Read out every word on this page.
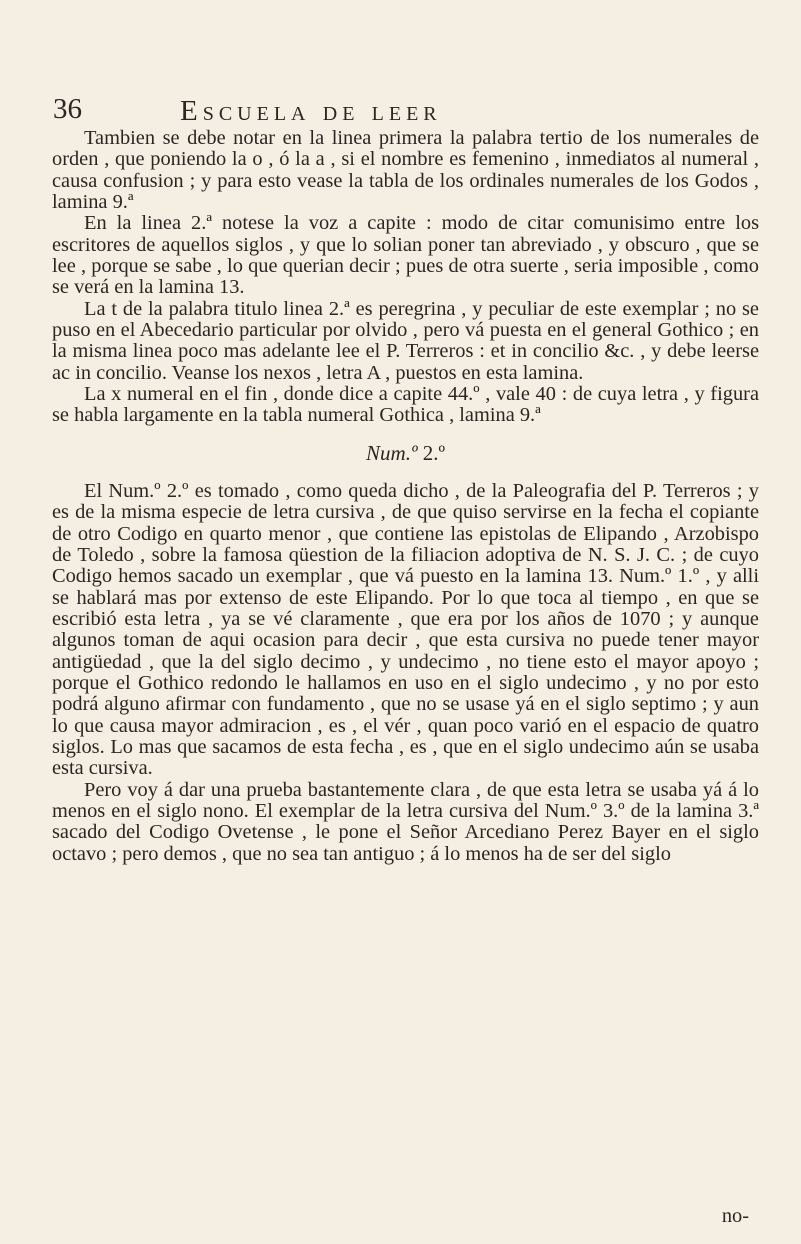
36	Escuela de leer

Tambien se debe notar en la linea primera la palabra tertio de los numerales de orden , que poniendo la o , ó la a , si el nombre es femenino , inmediatos al numeral , causa confusion ; y para esto vease la tabla de los ordinales numerales de los Godos , lamina 9.ª

En la linea 2.ª notese la voz a capite : modo de citar comunisimo entre los escritores de aquellos siglos , y que lo solian poner tan abreviado , y obscuro , que se lee , porque se sabe , lo que querian decir ; pues de otra suerte , seria imposible , como se verá en la lamina 13.

La t de la palabra titulo linea 2.ª es peregrina , y peculiar de este exemplar ; no se puso en el Abecedario particular por olvido , pero vá puesta en el general Gothico ; en la misma linea poco mas adelante lee el P. Terreros : et in concilio &c. , y debe leerse ac in concilio. Veanse los nexos , letra A , puestos en esta lamina.

La x numeral en el fin , donde dice a capite 44.º , vale 40 : de cuya letra , y figura se habla largamente en la tabla numeral Gothica , lamina 9.ª

Num.º 2.º

El Num.º 2.º es tomado , como queda dicho , de la Paleografia del P. Terreros ; y es de la misma especie de letra cursiva , de que quiso servirse en la fecha el copiante de otro Codigo en quarto menor , que contiene las epistolas de Elipando , Arzobispo de Toledo , sobre la famosa qüestion de la filiacion adoptiva de N. S. J. C. ; de cuyo Codigo hemos sacado un exemplar , que vá puesto en la lamina 13. Num.º 1.º , y alli se hablará mas por extenso de este Elipando. Por lo que toca al tiempo , en que se escribió esta letra , ya se vé claramente , que era por los años de 1070 ; y aunque algunos toman de aqui ocasion para decir , que esta cursiva no puede tener mayor antigüedad , que la del siglo decimo , y undecimo , no tiene esto el mayor apoyo ; porque el Gothico redondo le hallamos en uso en el siglo undecimo , y no por esto podrá alguno afirmar con fundamento , que no se usase yá en el siglo septimo ; y aun lo que causa mayor admiracion , es , el vér , quan poco varió en el espacio de quatro siglos. Lo mas que sacamos de esta fecha , es , que en el siglo undecimo aún se usaba esta cursiva.

Pero voy á dar una prueba bastantemente clara , de que esta letra se usaba yá á lo menos en el siglo nono. El exemplar de la letra cursiva del Num.º 3.º de la lamina 3.ª sacado del Codigo Ovetense , le pone el Señor Arcediano Perez Bayer en el siglo octavo ; pero demos , que no sea tan antiguo ; á lo menos ha de ser del siglo

no-
